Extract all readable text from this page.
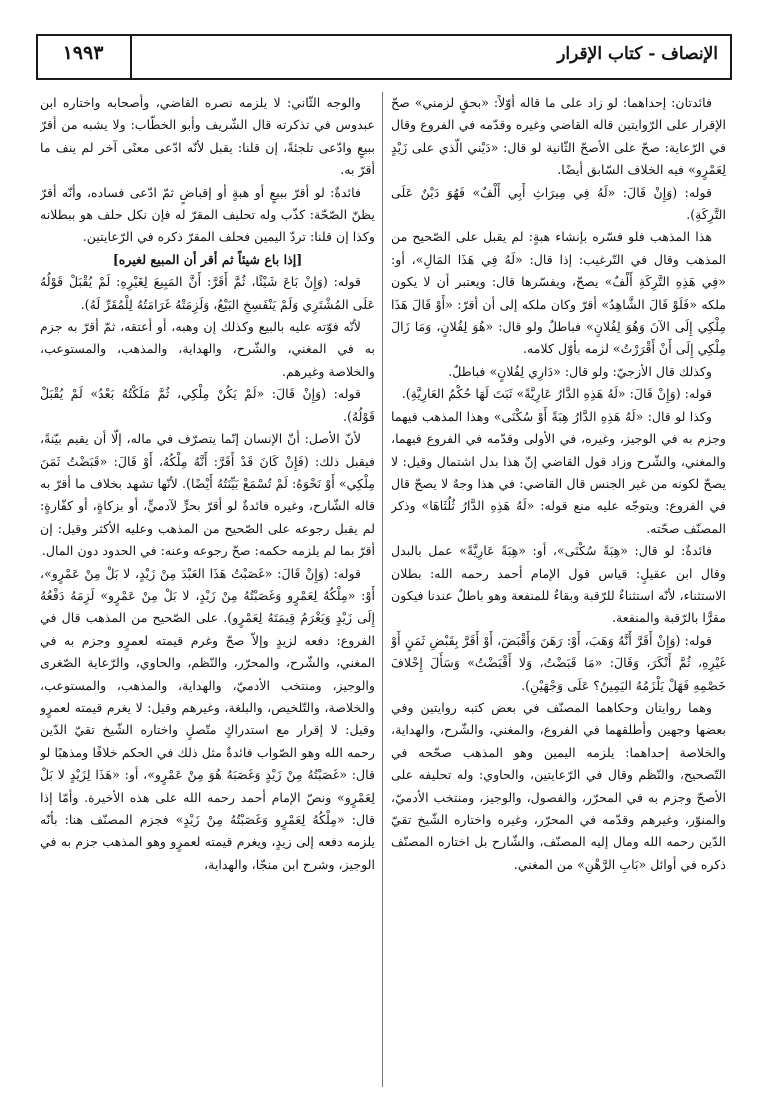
١٩٩٣	الإنصاف - كتاب الإقرار

فائدتان: إحداهما: لو زاد على ما قاله أوّلاً: «بحقٍ لزمني» صحّ الإقرار على الرّوايتين قاله القاضي وغيره وقدّمه في الفروع وقال في الرّعاية: صحّ على الأصحّ الثّانية لو قال: «دَيْني الّذي على زَيْدٍ لِعَمْرٍو» فيه الخلاف السّابق أيضًا.

قوله: (وَإِنْ قَالَ: «لَهُ فِي مِيرَاثِ أَبِي أَلْفٌ» فَهُوَ دَيْنٌ عَلَى التَّرِكَةِ).

هذا المذهب فلو فسّره بإنشاء هبةٍ: لم يقبل على الصّحيح من المذهب وقال في التّرغيب: إذا قال: «لَهُ فِي هَذَا المَالِ»، أو: «فِي هَذِهِ التَّرِكَةِ أَلْفٌ» يصحّ، ويفسّرها قال: ويعتبر أن لا يكون ملكه «فَلَوْ قَالَ الشَّاهِدُ» أقرّ وكان ملكه إلى أن أقرّ: «أَوْ قَالَ هَذَا مِلْكِي إِلَى الآنَ وَهُوَ لِفُلانٍ» فباطلٌ ولو قال: «هُوَ لِفُلانٍ، وَمَا زَالَ مِلْكِي إِلَى أَنْ أَقْرَرْتُ» لزمه بأوّل كلامه.

وكذلك قال الأزجيّ: ولو قال: «دَارِي لِفُلانٍ» فباطلٌ.

قوله: (وَإِنْ قَالَ: «لَهُ هَذِهِ الدَّارُ عَارِيَّةً» ثَبَتَ لَهَا حُكْمُ العَارِيَّةِ).

وكذا لو قال: «لَهُ هَذِهِ الدَّارُ هِبَةً أَوْ سُكْنَى» وهذا المذهب فيهما وجزم به في الوجيز، وغيره، في الأولى وقدّمه في الفروع فيهما، والمغني، والشّرح وزاد قول القاضي إنّ هذا بدل اشتمال وقيل: لا يصحّ لكونه من غير الجنس قال القاضي: في هذا وجهٌ لا يصحّ قال في الفروع: ويتوجّه عليه منع قوله: «لَهُ هَذِهِ الدَّارُ ثُلُثَاهَا» وذكر المصنّف صحّته.

فائدةٌ: لو قال: «هِبَةً سُكْنَى»، أو: «هِبَةً عَارِيَّةً» عمل بالبدل وقال ابن عقيلٍ: قياس قول الإمام أحمد رحمه الله: بطلان الاستثناء، لأنّه استثناءٌ للرّقبة وبقاءٌ للمنفعة وهو باطلٌ عندنا فيكون مقرًّا بالرّقبة والمنفعة.

قوله: (وَإِنْ أَقَرَّ أَنَّهُ وَهَبَ، أَوْ: رَهَنَ وَأَقْبَضَ، أَوْ أَقَرَّ بِقَبْضِ ثَمَنٍ أَوْ غَيْرِهِ، ثُمَّ أَنْكَرَ، وَقَالَ: «مَا قَبَضْتُ، وَلا أَقْبَضْتُ» وَسَأَلَ إِحْلافَ خَصْمِهِ فَهَلْ يَلْزَمُهُ اليَمِينُ؟ عَلَى وَجْهَيْنِ).

وهما روايتان وحكاهما المصنّف في بعض كتبه روايتين وفي بعضها وجهين وأطلقهما في الفروع، والمغني، والشّرح، والهداية، والخلاصة إحداهما: يلزمه اليمين وهو المذهب صحّحه في التّصحيح، والنّظم وقال في الرّعايتين، والحاوي: وله تحليفه على الأصحّ وجزم به في المحرّر، والفصول، والوجيز، ومنتخب الأدميّ، والمنوّر، وغيرهم وقدّمه في المحرّر، وغيره واختاره الشّيخ تقيّ الدّين رحمه الله ومال إليه المصنّف، والشّارح بل اختاره المصنّف ذكره في أوائل «بَابِ الرَّهْنِ» من المغني.

والوجه الثّاني: لا يلزمه نصره القاضي، وأصحابه واختاره ابن عبدوس في تذكرته قال الشّريف وأبو الخطّاب: ولا يشبه من أقرّ ببيعٍ وادّعى تلجئةً، إن قلنا: يقبل لأنّه ادّعى معنًى آخر لم ينف ما أقرّ به.

فائدةٌ: لو أقرّ ببيعٍ أو هبةٍ أو إقباضٍ ثمّ ادّعى فساده، وأنّه أقرّ يظنّ الصّحّة: كذّب وله تحليف المقرّ له فإن نكل حلف هو ببطلانه وكذا إن قلنا: تردّ اليمين فحلف المقرّ ذكره في الرّعايتين.

[إذا باع شيئاً ثم أقر أن المبيع لغيره]

قوله: (وَإِنْ بَاعَ شَيْئًا، ثُمَّ أَقَرَّ: أَنَّ المَبِيعَ لِغَيْرِهِ: لَمْ يُقْبَلْ قَوْلُهُ عَلَى المُشْتَرِي وَلَمْ يَنْفَسِخِ البَيْعُ، وَلَزِمَتْهُ غَرَامَتُهُ لِلْمُقَرِّ لَهُ).

لأنّه فوّته عليه بالبيع وكذلك إن وهبه، أو أعتقه، ثمّ أقرّ به جزم به في المغني، والشّرح، والهداية، والمذهب، والمستوعب، والخلاصة وغيرهم.

قوله: (وَإِنْ قَالَ: «لَمْ يَكُنْ مِلْكِي، ثُمَّ مَلَكْتُهُ بَعْدُ» لَمْ يُقْبَلْ قَوْلُهُ).

لأنّ الأصل: أنّ الإنسان إنّما يتصرّف في ماله، إلّا أن يقيم بيّنةً، فيقبل ذلك: (فَإِنْ كَانَ قَدْ أَقَرَّ: أَنَّهُ مِلْكُهُ، أَوْ قَالَ: «قَبَضْتُ ثَمَنَ مِلْكِي» أَوْ نَحْوَهُ: لَمْ تُسْمَعْ بَيِّنَتُهُ أَيْضًا). لأنّها تشهد بخلاف ما أقرّ به قاله الشّارح، وغيره فائدةٌ لو أقرّ بحرٍّ لآدميٍّ، أو بزكاةٍ، أو كفّارةٍ: لم يقبل رجوعه على الصّحيح من المذهب وعليه الأكثر وقيل: إن أقرّ بما لم يلزمه حكمه: صحّ رجوعه وعنه: في الحدود دون المال.

قوله: (وَإِنْ قَالَ: «غَصَبْتُ هَذَا العَبْدَ مِنْ زَيْدٍ، لا بَلْ مِنْ عَمْرٍو»، أَوْ: «مِلْكُهُ لِعَمْرٍو وَغَصَبْتُهُ مِنْ زَيْدٍ، لا بَلْ مِنْ عَمْرٍو» لَزِمَهُ دَفْعُهُ إِلَى زَيْدٍ وَيَغْرَمُ قِيمَتَهُ لِعَمْرٍو). على الصّحيح من المذهب قال في الفروع: دفعه لزيدٍ وإلاّ صحّ وغرم قيمته لعمرٍو وجزم به في المغني، والشّرح، والمحرّر، والنّظم، والحاوي، والرّعاية الصّغرى والوجيز، ومنتخب الأدميّ، والهداية، والمذهب، والمستوعب، والخلاصة، والتّلخيص، والبلغة، وغيرهم وقيل: لا يغرم قيمته لعمرٍو وقيل: لا إقرار مع استدراكٍ متّصلٍ واختاره الشّيخ تقيّ الدّين رحمه الله وهو الصّواب فائدةٌ مثل ذلك في الحكم خلافًا ومذهبًا لو قال: «غَصَبْتُهُ مِنْ زَيْدٍ وَغَصَبَهُ هُوَ مِنْ عَمْرٍو»، أو: «هَذَا لِزَيْدٍ لا بَلْ لِعَمْرٍو» ونصّ الإمام أحمد رحمه الله على هذه الأخيرة. وأمّا إذا قال: «مِلْكُهُ لِعَمْرٍو وَغَصَبْتُهُ مِنْ زَيْدٍ» فجزم المصنّف هنا: بأنّه يلزمه دفعه إلى زيدٍ، ويغرم قيمته لعمرٍو وهو المذهب جزم به في الوجيز، وشرح ابن منجّا، والهداية،
